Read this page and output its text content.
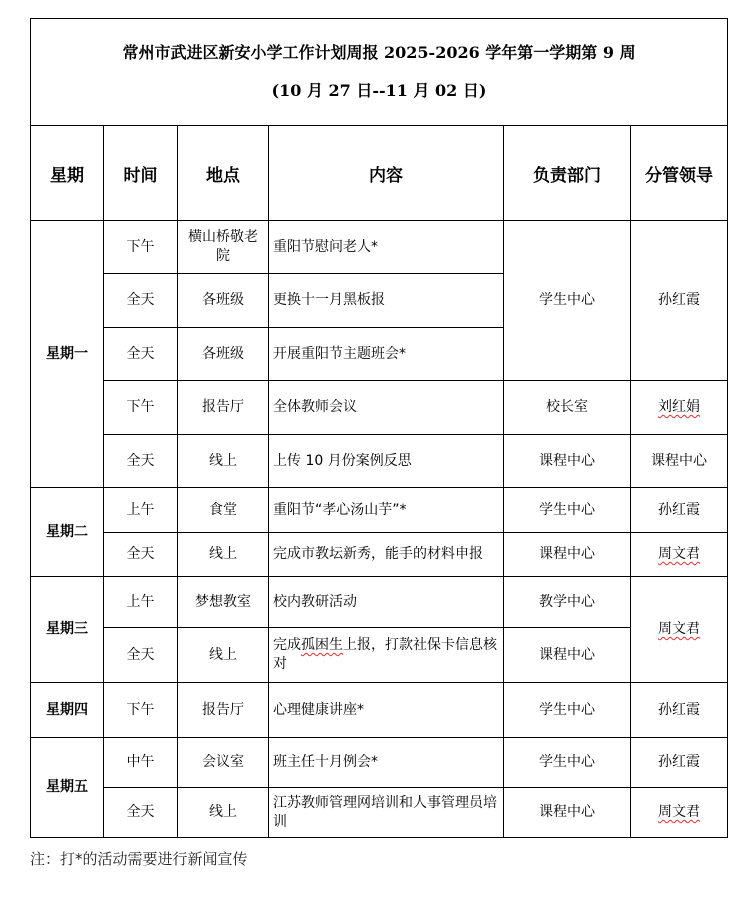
常州市武进区新安小学工作计划周报 2025-2026 学年第一学期第 9 周
(10 月 27 日--11 月 02 日)					

星期	时间	地点	内容	负责部门	分管领导
星期一	下午	横山桥敬老院	重阳节慰问老人*	学生中心	孙红霞
	全天	各班级	更换十一月黑板报		
	全天	各班级	开展重阳节主题班会*		
	下午	报告厅	全体教师会议	校长室	刘红娟
	全天	线上	上传 10 月份案例反思	课程中心	课程中心
星期二	上午	食堂	重阳节“孝心汤山芋”*	学生中心	孙红霞
	全天	线上	完成市教坛新秀，能手的材料申报	课程中心	周文君
星期三	上午	梦想教室	校内教研活动	教学中心	周文君
	全天	线上	完成孤困生上报，打款社保卡信息核对	课程中心	
星期四	下午	报告厅	心理健康讲座*	学生中心	孙红霞
星期五	中午	会议室	班主任十月例会*	学生中心	孙红霞
	全天	线上	江苏教师管理网培训和人事管理员培训	课程中心	周文君
注：打*的活动需要进行新闻宣传
